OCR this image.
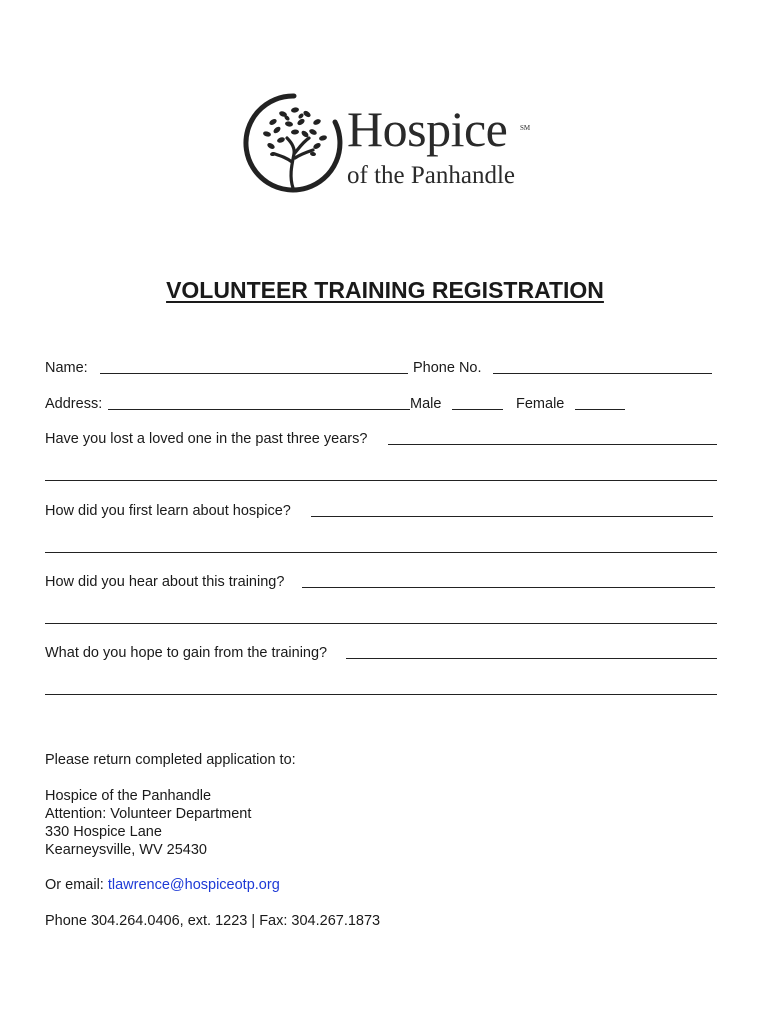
Hospice SM
of the Panhandle
VOLUNTEER TRAINING REGISTRATION
Name:	Phone No.
Address:	Male	Female
Have you lost a loved one in the past three years?
How did you first learn about hospice?
How did you hear about this training?
What do you hope to gain from the training?
Please return completed application to:
Hospice of the Panhandle
Attention: Volunteer Department
330 Hospice Lane
Kearneysville, WV 25430
Or email: tlawrence@hospiceotp.org
Phone 304.264.0406, ext. 1223 | Fax: 304.267.1873
